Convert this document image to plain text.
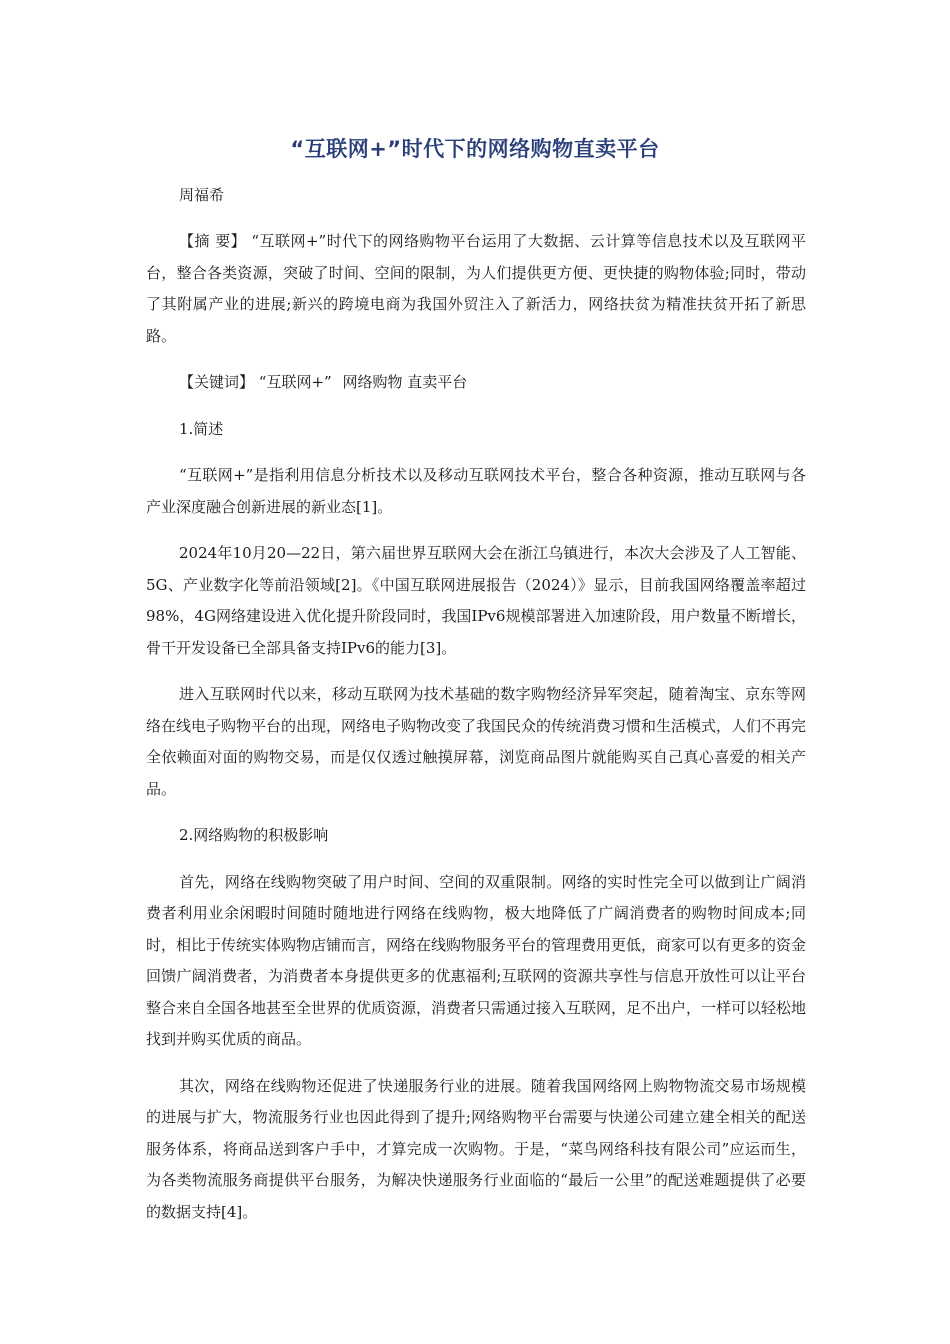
“互联网+”时代下的网络购物直卖平台
周福希

【摘 要】 “互联网+”时代下的网络购物平台运用了大数据、云计算等信息技术以及互联网平台，整合各类资源，突破了时间、空间的限制，为人们提供更方便、更快捷的购物体验;同时，带动了其附属产业的进展;新兴的跨境电商为我国外贸注入了新活力，网络扶贫为精准扶贫开拓了新思路。

【关键词】 “互联网+” 网络购物 直卖平台

1.简述

“互联网+”是指利用信息分析技术以及移动互联网技术平台，整合各种资源，推动互联网与各产业深度融合创新进展的新业态[1]。

2024年10月20—22日，第六届世界互联网大会在浙江乌镇进行，本次大会涉及了人工智能、5G、产业数字化等前沿领域[2]。《中国互联网进展报告（2024）》显示，目前我国网络覆盖率超过98%，4G网络建设进入优化提升阶段同时，我国IPv6规模部署进入加速阶段，用户数量不断增长，骨干开发设备已全部具备支持IPv6的能力[3]。

进入互联网时代以来，移动互联网为技术基础的数字购物经济异军突起，随着淘宝、京东等网络在线电子购物平台的出现，网络电子购物改变了我国民众的传统消费习惯和生活模式，人们不再完全依赖面对面的购物交易，而是仅仅透过触摸屏幕，浏览商品图片就能购买自己真心喜爱的相关产品。

2.网络购物的积极影响

首先，网络在线购物突破了用户时间、空间的双重限制。网络的实时性完全可以做到让广阔消费者利用业余闲暇时间随时随地进行网络在线购物，极大地降低了广阔消费者的购物时间成本;同时，相比于传统实体购物店铺而言，网络在线购物服务平台的管理费用更低，商家可以有更多的资金回馈广阔消费者，为消费者本身提供更多的优惠福利;互联网的资源共享性与信息开放性可以让平台整合来自全国各地甚至全世界的优质资源，消费者只需通过接入互联网，足不出户，一样可以轻松地找到并购买优质的商品。

其次，网络在线购物还促进了快递服务行业的进展。随着我国网络网上购物物流交易市场规模的进展与扩大，物流服务行业也因此得到了提升;网络购物平台需要与快递公司建立建全相关的配送服务体系，将商品送到客户手中，才算完成一次购物。于是，“菜鸟网络科技有限公司”应运而生，为各类物流服务商提供平台服务，为解决快递服务行业面临的“最后一公里”的配送难题提供了必要的数据支持[4]。
